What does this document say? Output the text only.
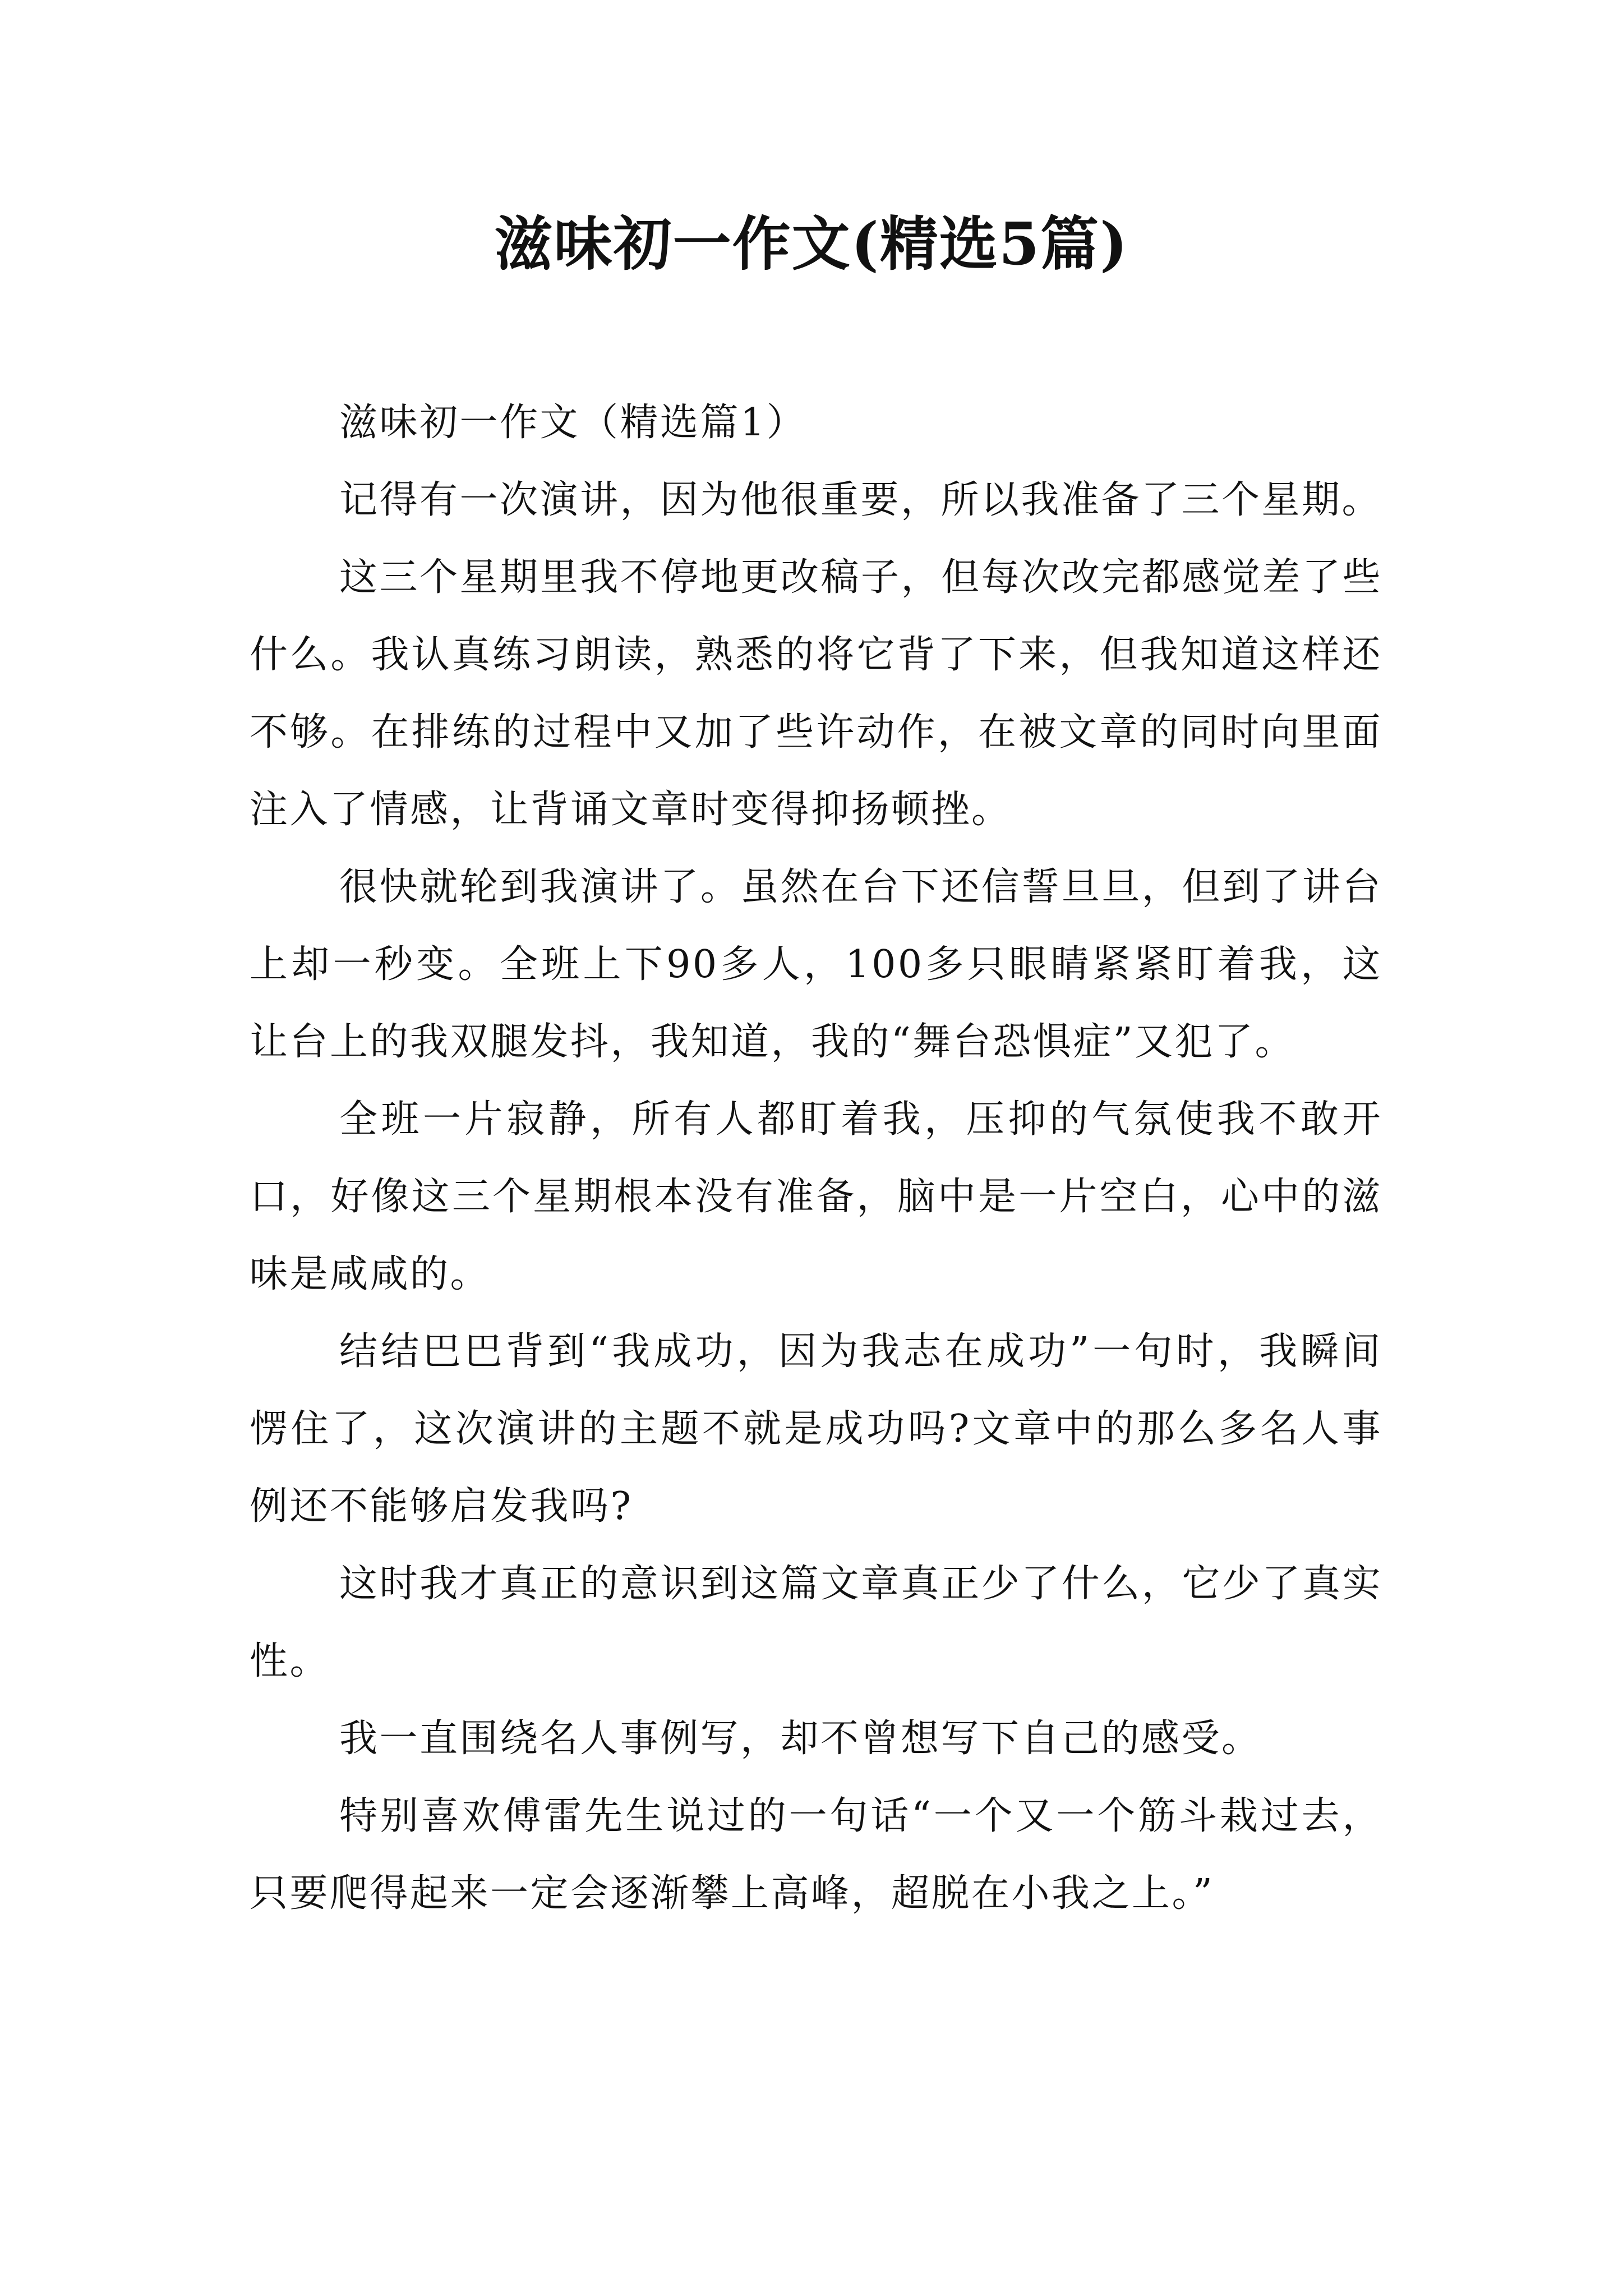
滋味初一作文(精选5篇)

滋味初一作文（精选篇1）

记得有一次演讲，因为他很重要，所以我准备了三个星期。

这三个星期里我不停地更改稿子，但每次改完都感觉差了些什么。我认真练习朗读，熟悉的将它背了下来，但我知道这样还不够。在排练的过程中又加了些许动作，在被文章的同时向里面注入了情感，让背诵文章时变得抑扬顿挫。

很快就轮到我演讲了。虽然在台下还信誓旦旦，但到了讲台上却一秒变。全班上下90多人，100多只眼睛紧紧盯着我，这让台上的我双腿发抖，我知道，我的“舞台恐惧症”又犯了。

全班一片寂静，所有人都盯着我，压抑的气氛使我不敢开口，好像这三个星期根本没有准备，脑中是一片空白，心中的滋味是咸咸的。

结结巴巴背到“我成功，因为我志在成功”一句时，我瞬间愣住了，这次演讲的主题不就是成功吗?文章中的那么多名人事例还不能够启发我吗?

这时我才真正的意识到这篇文章真正少了什么，它少了真实性。

我一直围绕名人事例写，却不曾想写下自己的感受。

特别喜欢傅雷先生说过的一句话“一个又一个筋斗栽过去，只要爬得起来一定会逐渐攀上高峰，超脱在小我之上。”
